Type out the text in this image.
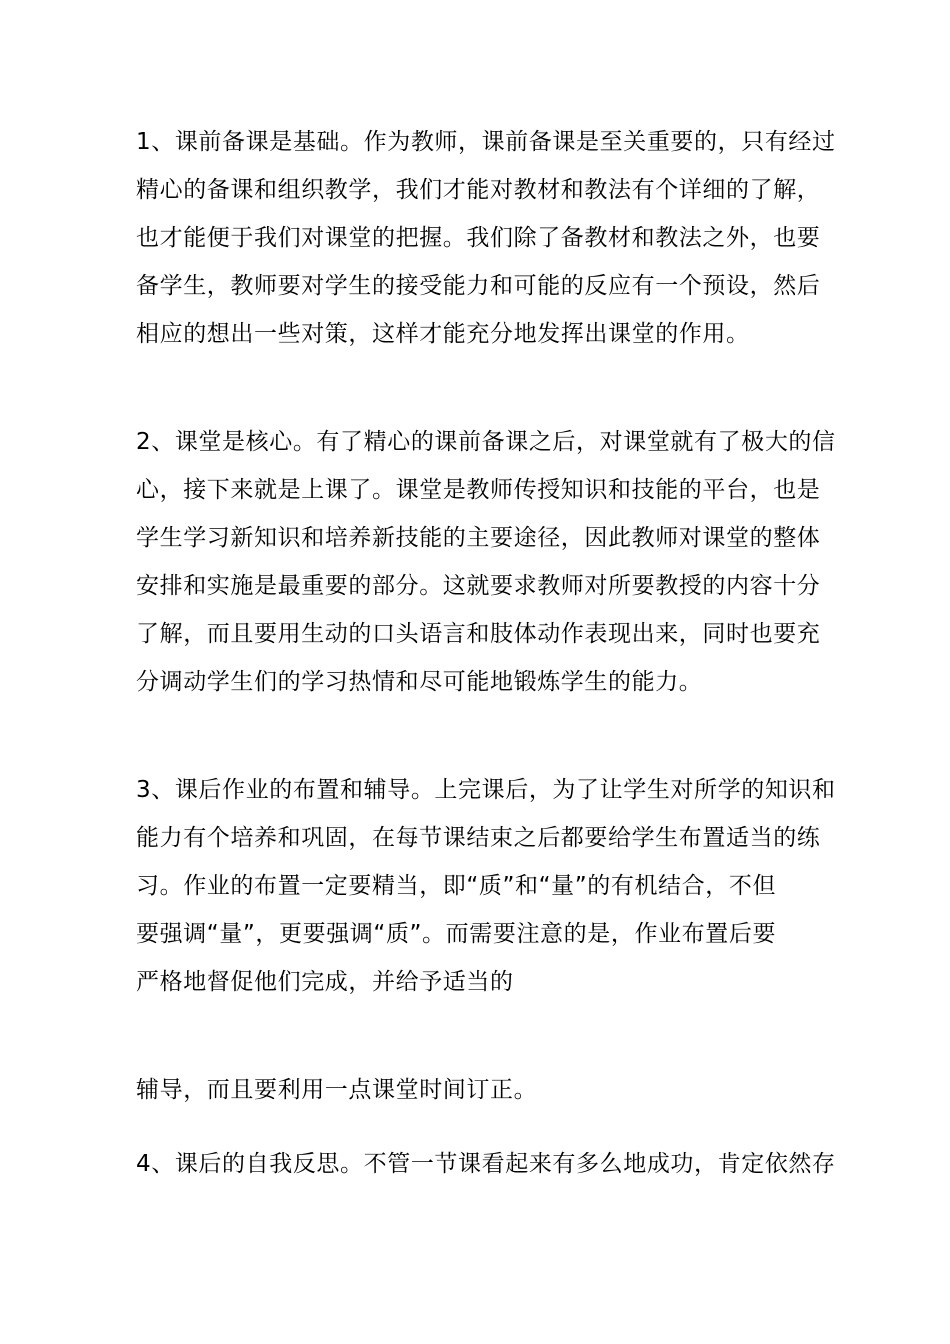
1、课前备课是基础。作为教师，课前备课是至关重要的，只有经过
精心的备课和组织教学，我们才能对教材和教法有个详细的了解，
也才能便于我们对课堂的把握。我们除了备教材和教法之外，也要
备学生，教师要对学生的接受能力和可能的反应有一个预设，然后
相应的想出一些对策，这样才能充分地发挥出课堂的作用。
2、课堂是核心。有了精心的课前备课之后，对课堂就有了极大的信
心，接下来就是上课了。课堂是教师传授知识和技能的平台，也是
学生学习新知识和培养新技能的主要途径，因此教师对课堂的整体
安排和实施是最重要的部分。这就要求教师对所要教授的内容十分
了解，而且要用生动的口头语言和肢体动作表现出来，同时也要充
分调动学生们的学习热情和尽可能地锻炼学生的能力。
3、课后作业的布置和辅导。上完课后，为了让学生对所学的知识和
能力有个培养和巩固，在每节课结束之后都要给学生布置适当的练
习。作业的布置一定要精当，即“质”和“量”的有机结合，不但
要强调“量”，更要强调“质”。而需要注意的是，作业布置后要
严格地督促他们完成，并给予适当的
辅导，而且要利用一点课堂时间订正。
4、课后的自我反思。不管一节课看起来有多么地成功，肯定依然存
